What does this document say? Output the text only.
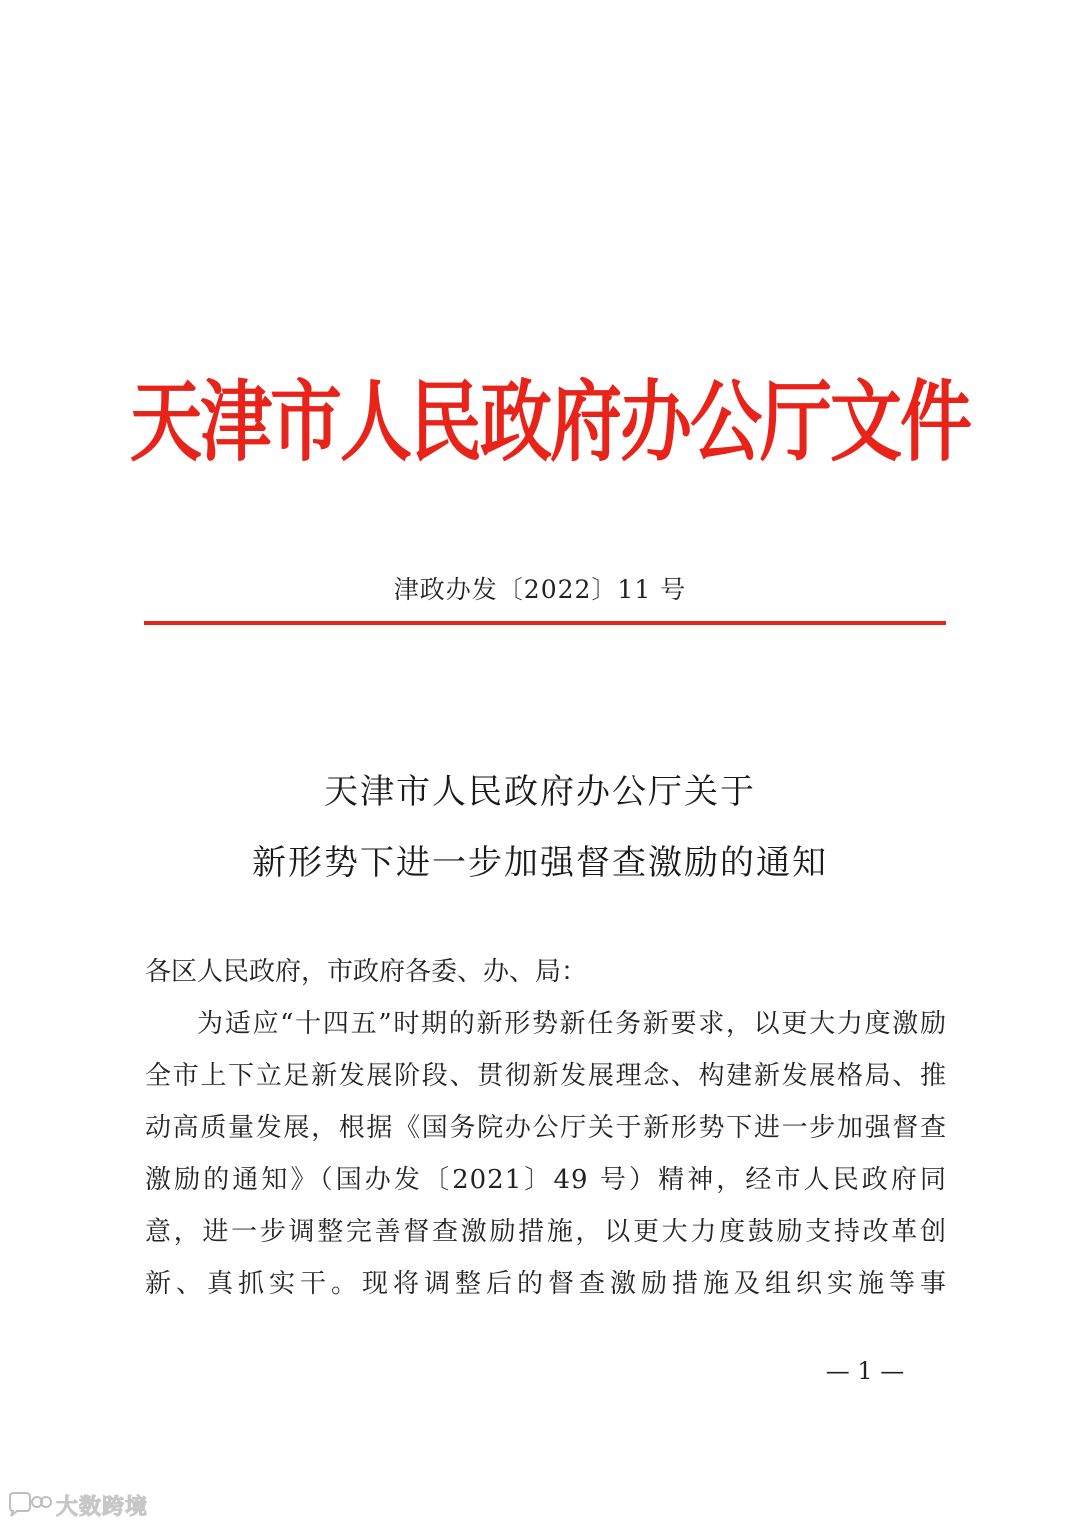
天津市人民政府办公厅文件
津政办发〔2022〕11 号
天津市人民政府办公厅关于
新形势下进一步加强督查激励的通知

各区人民政府，市政府各委、办、局：

为适应“十四五”时期的新形势新任务新要求，以更大力度激励全市上下立足新发展阶段、贯彻新发展理念、构建新发展格局、推动高质量发展，根据《国务院办公厅关于新形势下进一步加强督查激励的通知》（国办发〔2021〕49 号）精神，经市人民政府同意，进一步调整完善督查激励措施，以更大力度鼓励支持改革创新、真抓实干。现将调整后的督查激励措施及组织实施等事

— 1 —
大数跨境
